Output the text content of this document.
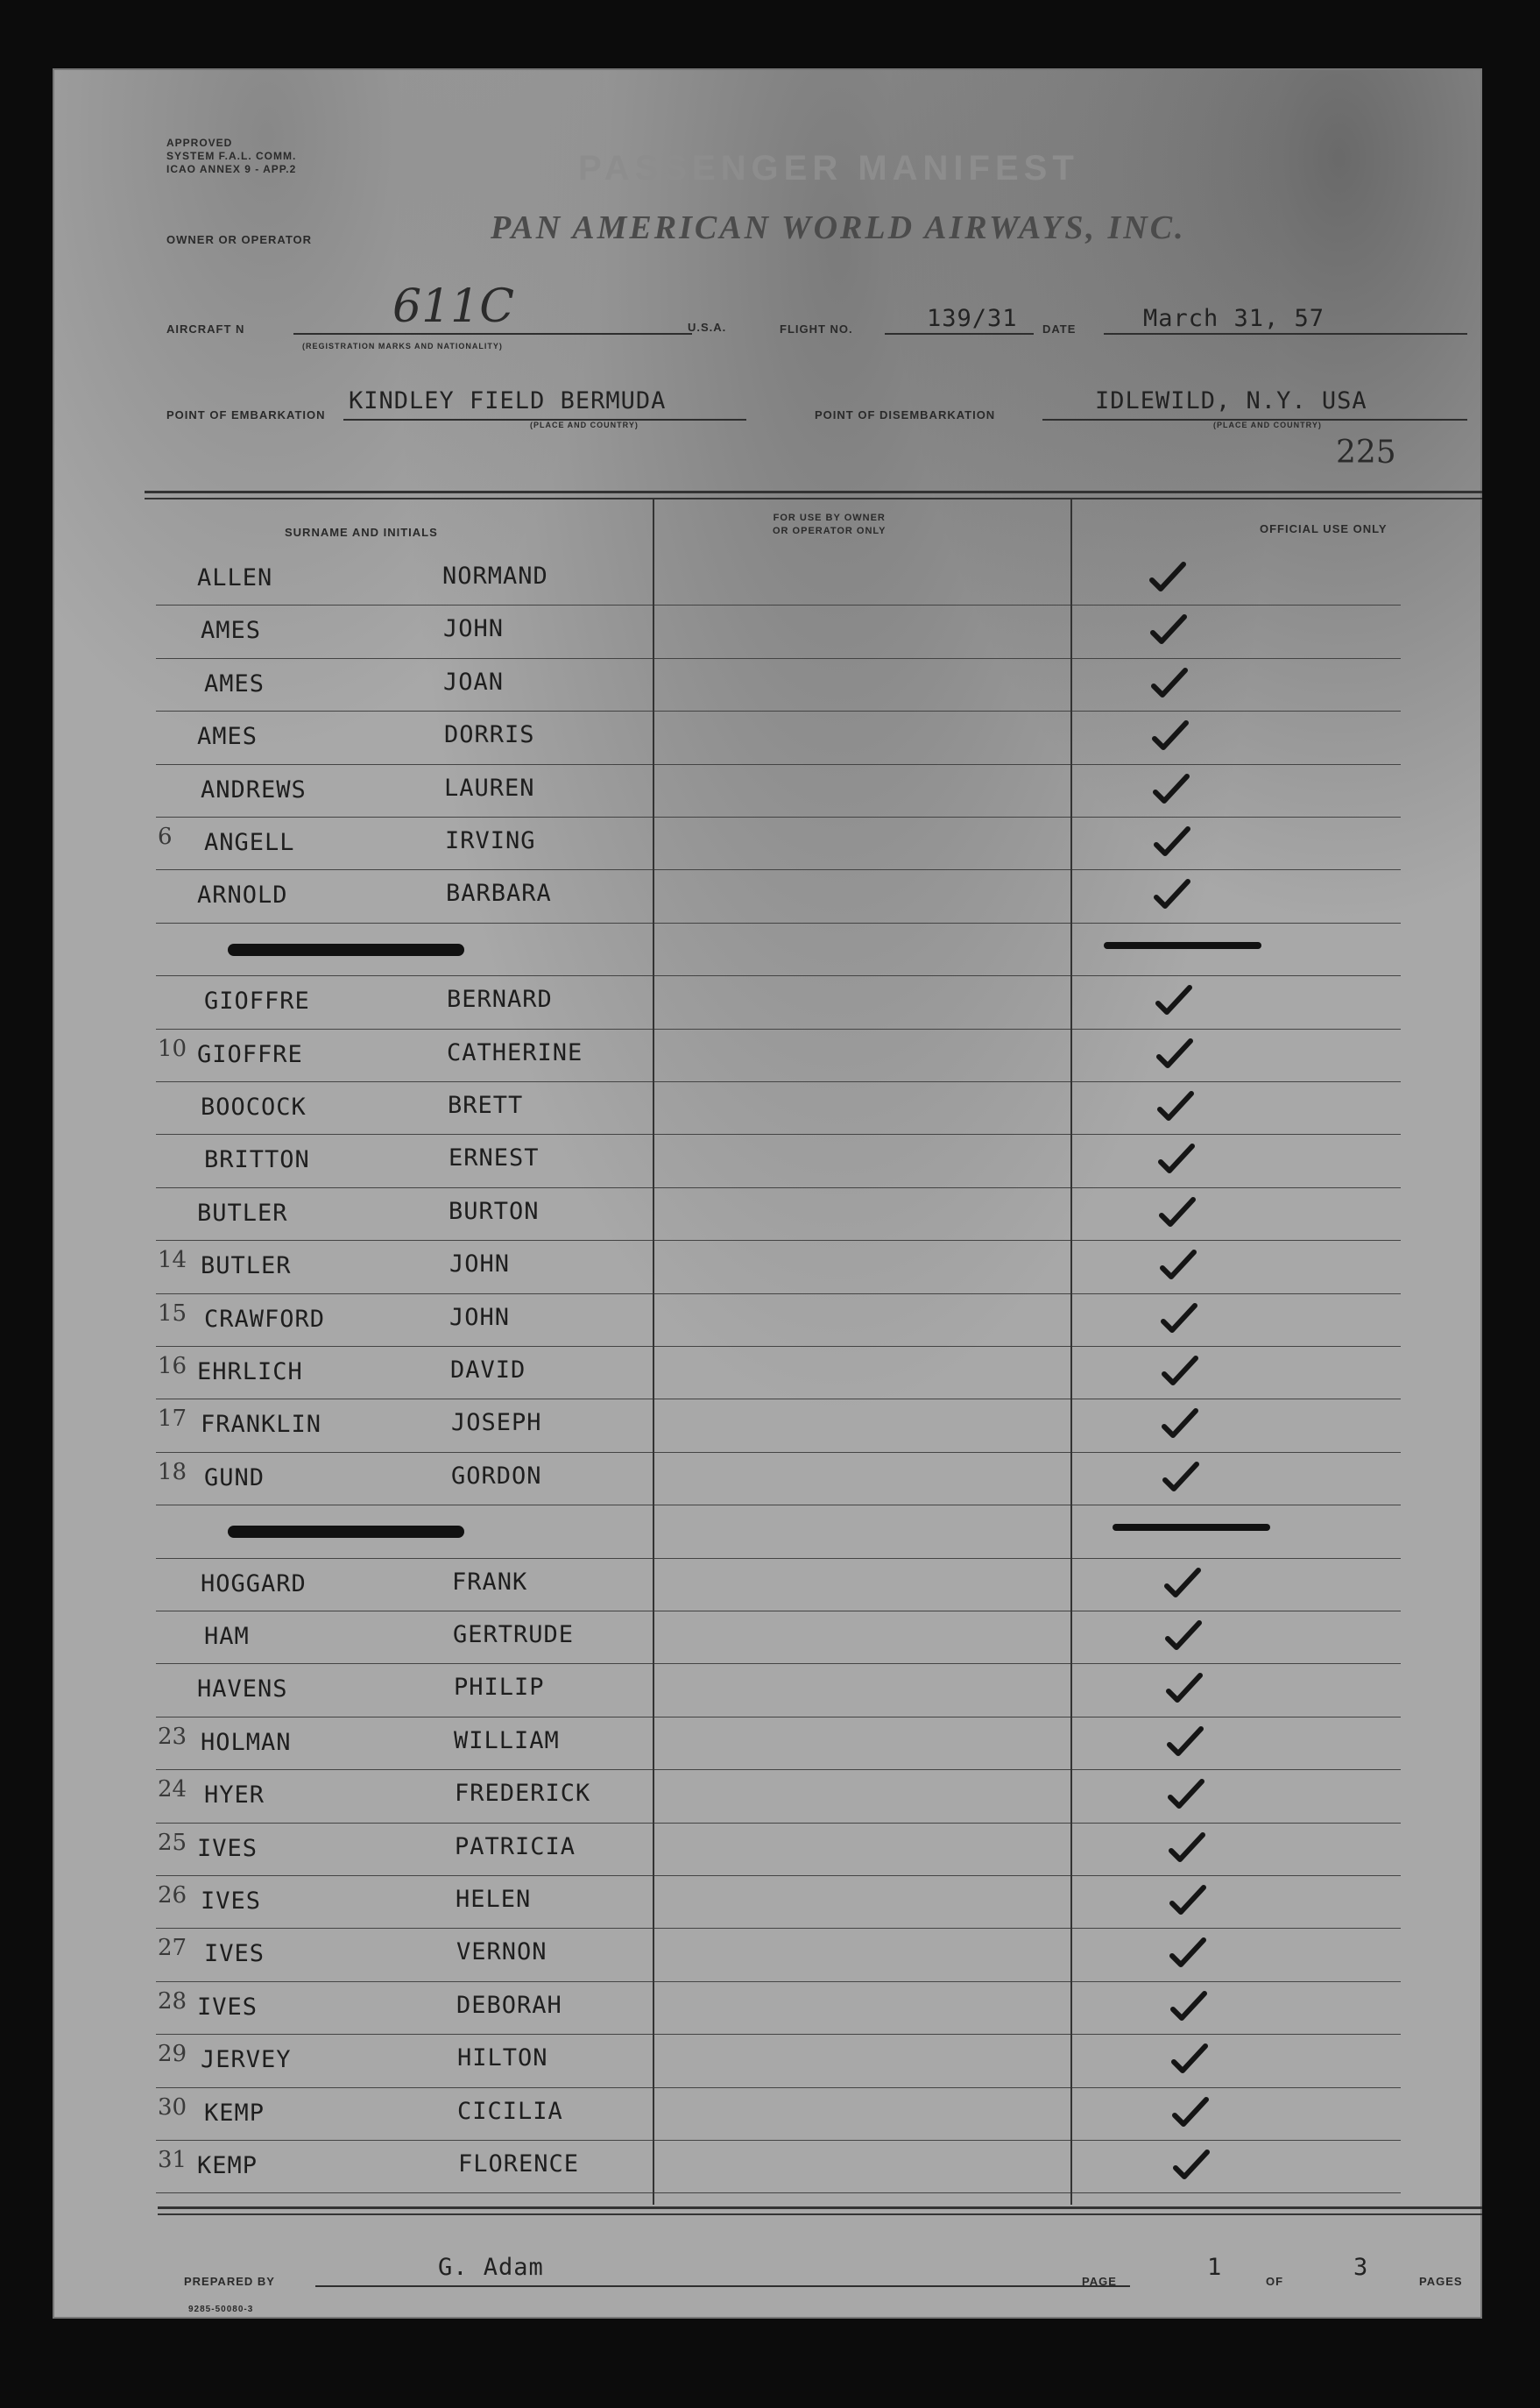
APPROVED
SYSTEM F.A.L. COMM.
ICAO ANNEX 9 - APP.2	PASSENGER MANIFEST
OWNER OR OPERATOR	PAN AMERICAN WORLD AIRWAYS, INC.
AIRCRAFT N	611C
(REGISTRATION MARKS AND NATIONALITY)
U.S.A.	FLIGHT NO.	139/31 DATE	March 31, 57
POINT OF EMBARKATION
KINDLEY FIELD BERMUDA
(PLACE AND COUNTRY)
POINT OF DISEMBARKATION
IDLEWILD, N.Y. USA
(PLACE AND COUNTRY)
225
SURNAME AND INITIALS
FOR USE BY OWNER
OR OPERATOR ONLY	OFFICIAL USE ONLY
ALLEN	NORMAND
AMES	JOHN
AMES	JOAN
AMES	DORRIS
ANDREWS	LAUREN
6 ANGELL	IRVING
ARNOLD	BARBARA
GIOFFRE	BERNARD
10 GIOFFRE	CATHERINE
BOOCOCK	BRETT
BRITTON	ERNEST
BUTLER	BURTON
14 BUTLER	JOHN
15 CRAWFORD	JOHN
16 EHRLICH	DAVID
17 FRANKLIN	JOSEPH
18 GUND	GORDON
HOGGARD	FRANK
HAM	GERTRUDE
HAVENS	PHILIP
23 HOLMAN	WILLIAM
24 HYER	FREDERICK
25 IVES	PATRICIA
26 IVES	HELEN
27 IVES	VERNON
28 IVES	DEBORAH
29 JERVEY	HILTON
30 KEMP	CICILIA
31 KEMP	FLORENCE
PREPARED BY
G. Adam
PAGE
1
OF
3
PAGES
9285-50080-3
